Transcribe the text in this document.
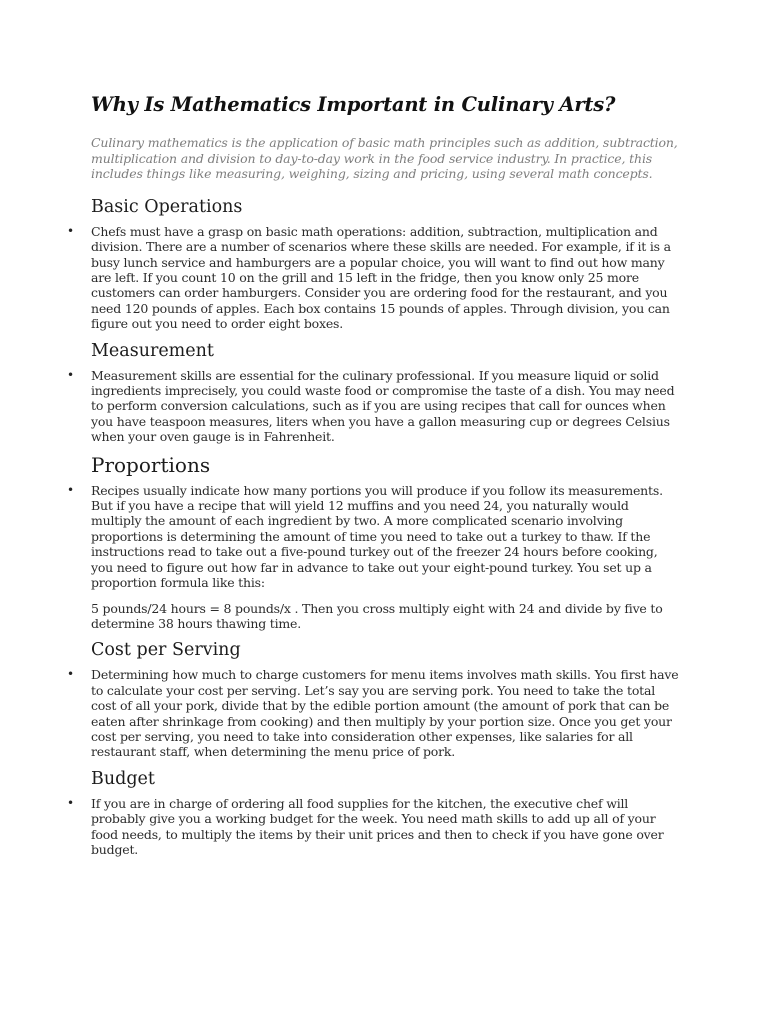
Why Is Mathematics Important in Culinary Arts?

Culinary mathematics is the application of basic math principles such as addition, subtraction, multiplication and division to day-to-day work in the food service industry. In practice, this includes things like measuring, weighing, sizing and pricing, using several math concepts.

Basic Operations
• Chefs must have a grasp on basic math operations: addition, subtraction, multiplication and division. There are a number of scenarios where these skills are needed. For example, if it is a busy lunch service and hamburgers are a popular choice, you will want to find out how many are left. If you count 10 on the grill and 15 left in the fridge, then you know only 25 more customers can order hamburgers. Consider you are ordering food for the restaurant, and you need 120 pounds of apples. Each box contains 15 pounds of apples. Through division, you can figure out you need to order eight boxes.
Measurement
• Measurement skills are essential for the culinary professional. If you measure liquid or solid ingredients imprecisely, you could waste food or compromise the taste of a dish. You may need to perform conversion calculations, such as if you are using recipes that call for ounces when you have teaspoon measures, liters when you have a gallon measuring cup or degrees Celsius when your oven gauge is in Fahrenheit.
Proportions
• Recipes usually indicate how many portions you will produce if you follow its measurements. But if you have a recipe that will yield 12 muffins and you need 24, you naturally would multiply the amount of each ingredient by two. A more complicated scenario involving proportions is determining the amount of time you need to take out a turkey to thaw. If the instructions read to take out a five-pound turkey out of the freezer 24 hours before cooking, you need to figure out how far in advance to take out your eight-pound turkey. You set up a proportion formula like this:

5 pounds/24 hours = 8 pounds/x . Then you cross multiply eight with 24 and divide by five to determine 38 hours thawing time.

Cost per Serving
• Determining how much to charge customers for menu items involves math skills. You first have to calculate your cost per serving. Let’s say you are serving pork. You need to take the total cost of all your pork, divide that by the edible portion amount (the amount of pork that can be eaten after shrinkage from cooking) and then multiply by your portion size. Once you get your cost per serving, you need to take into consideration other expenses, like salaries for all restaurant staff, when determining the menu price of pork.
Budget
• If you are in charge of ordering all food supplies for the kitchen, the executive chef will probably give you a working budget for the week. You need math skills to add up all of your food needs, to multiply the items by their unit prices and then to check if you have gone over budget.
